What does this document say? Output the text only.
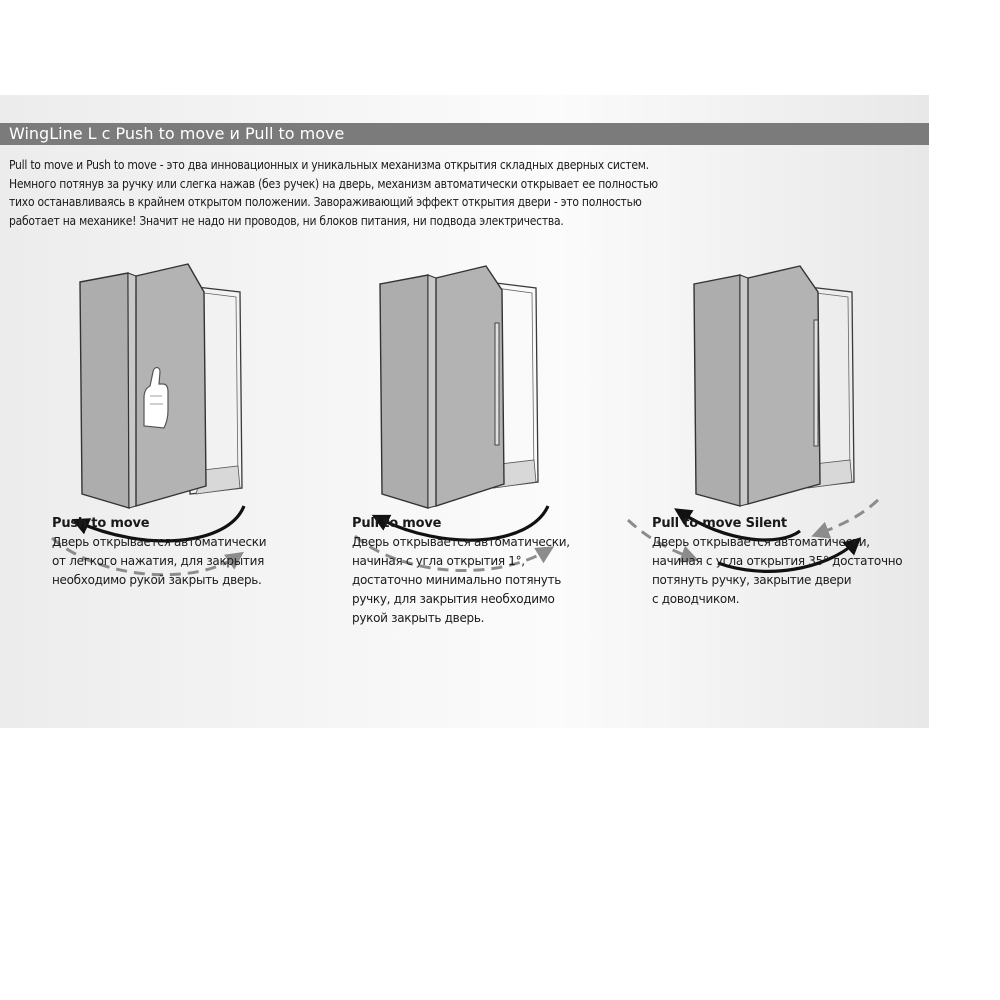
WingLine L с Push to move и Pull to move
Pull to move и Push to move - это два инновационных и уникальных механизма открытия складных дверных систем.
Немного потянув за ручку или слегка нажав (без ручек) на дверь, механизм автоматически открывает ее полностью
тихо останавливаясь в крайнем открытом положении. Завораживающий эффект открытия двери - это полностью
работает на механике! Значит не надо ни проводов, ни блоков питания, ни подвода электричества.
Push to move
Дверь открывается автоматически
от легкого нажатия, для закрытия
необходимо рукой закрыть дверь.
Pull to move
Дверь открывается автоматически,
начиная с угла открытия 1°,
достаточно минимально потянуть
ручку, для закрытия необходимо
рукой закрыть дверь.
Pull to move Silent
Дверь открывается автоматически,
начиная с угла открытия 35° достаточно
потянуть ручку, закрытие двери
с доводчиком.
